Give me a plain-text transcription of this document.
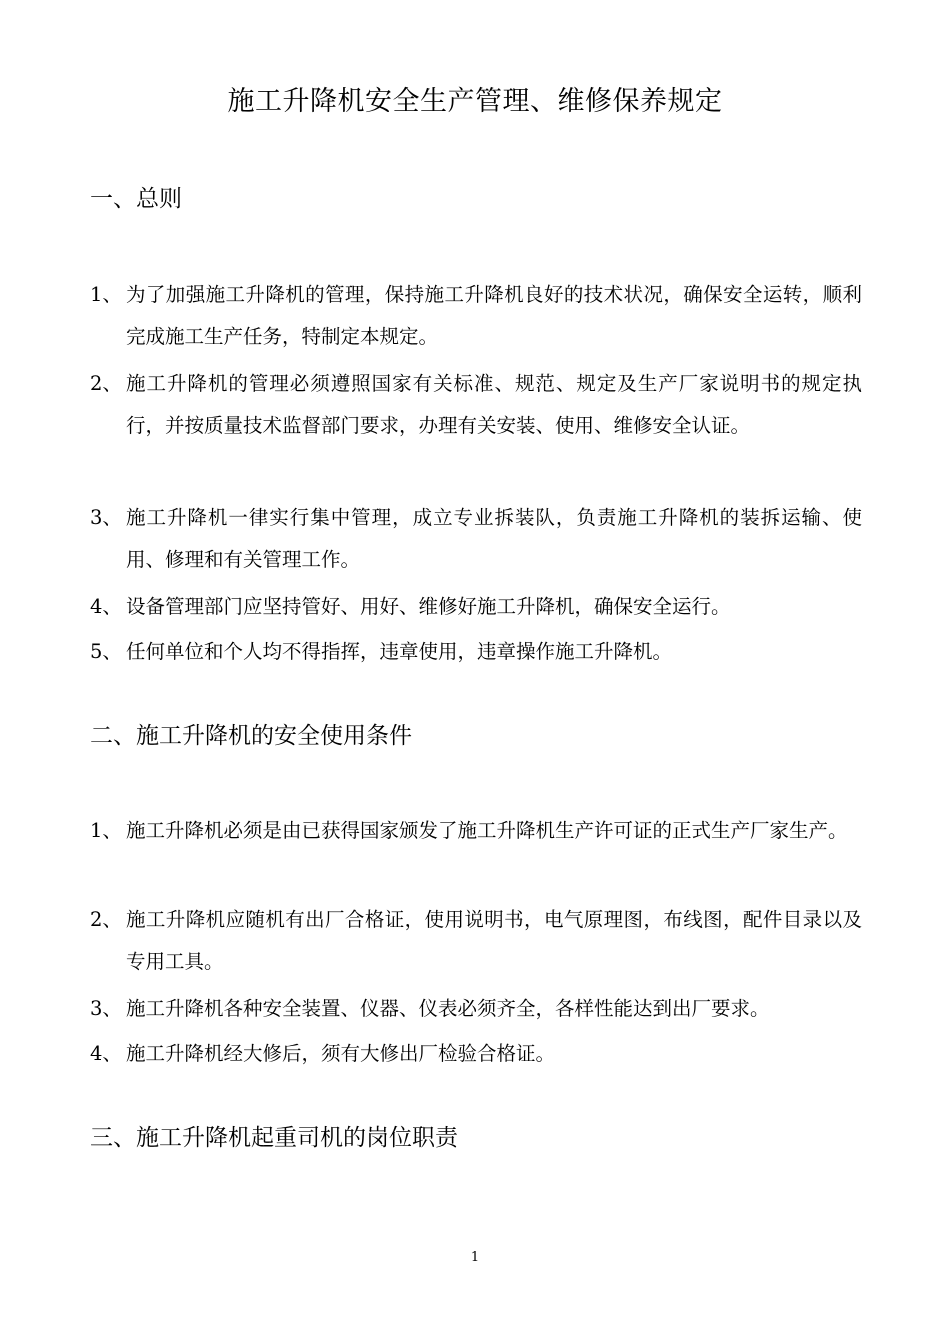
施工升降机安全生产管理、维修保养规定
一、总则

1、 为了加强施工升降机的管理，保持施工升降机良好的技术状况，确保安全运转，顺利完成施工生产任务，特制定本规定。

2、 施工升降机的管理必须遵照国家有关标准、规范、规定及生产厂家说明书的规定执行，并按质量技术监督部门要求，办理有关安装、使用、维修安全认证。

3、 施工升降机一律实行集中管理，成立专业拆装队，负责施工升降机的装拆运输、使用、修理和有关管理工作。

4、 设备管理部门应坚持管好、用好、维修好施工升降机，确保安全运行。

5、 任何单位和个人均不得指挥，违章使用，违章操作施工升降机。

二、施工升降机的安全使用条件

1、 施工升降机必须是由已获得国家颁发了施工升降机生产许可证的正式生产厂家生产。

2、 施工升降机应随机有出厂合格证，使用说明书，电气原理图，布线图，配件目录以及专用工具。

3、 施工升降机各种安全装置、仪器、仪表必须齐全，各样性能达到出厂要求。

4、 施工升降机经大修后，须有大修出厂检验合格证。

三、施工升降机起重司机的岗位职责
1
